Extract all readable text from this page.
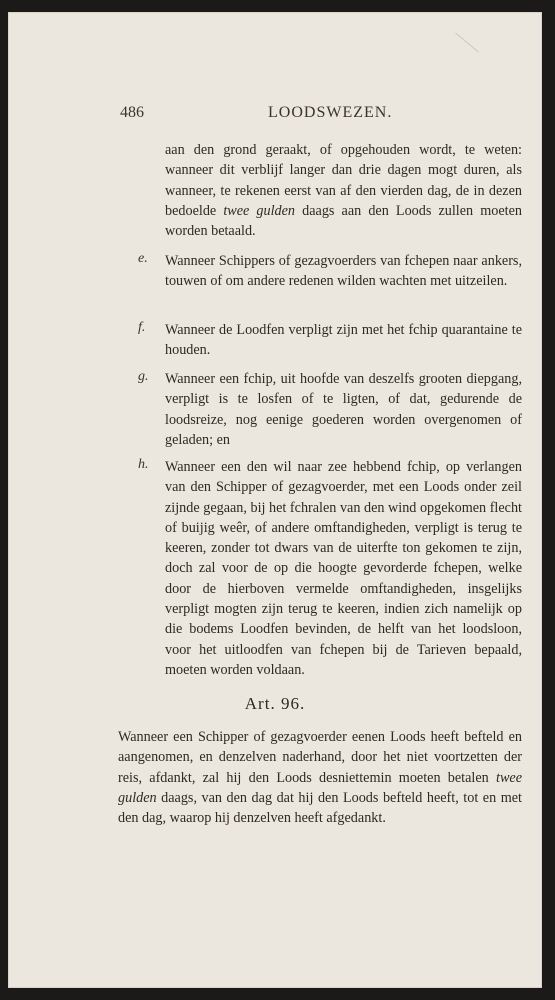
486	LOODSWEZEN.
aan den grond geraakt, of opgehouden wordt, te weten: wanneer dit verblijf langer dan drie dagen mogt duren, als wanneer, te rekenen eerst van af den vierden dag, de in dezen bedoelde twee gulden daags aan den Loods zullen moeten worden betaald.
e.	Wanneer Schippers of gezagvoerders van fchepen naar ankers, touwen of om andere redenen wilden wachten met uitzeilen.
f.	Wanneer de Loodfen verpligt zijn met het fchip quarantaine te houden.
g.	Wanneer een fchip, uit hoofde van deszelfs grooten diepgang, verpligt is te losfen of te ligten, of dat, gedurende de loodsreize, nog eenige goederen worden overgenomen of geladen; en
h.	Wanneer een den wil naar zee hebbend fchip, op verlangen van den Schipper of gezagvoerder, met een Loods onder zeil zijnde gegaan, bij het fchralen van den wind opgekomen flecht of buijig weêr, of andere omftandigheden, verpligt is terug te keeren, zonder tot dwars van de uiterfte ton gekomen te zijn, doch zal voor de op die hoogte gevorderde fchepen, welke door de hierboven vermelde omftandigheden, insgelijks verpligt mogten zijn terug te keeren, indien zich namelijk op die bodems Loodfen bevinden, de helft van het loodsloon, voor het uitloodfen van fchepen bij de Tarieven bepaald, moeten worden voldaan.
Art. 96.
Wanneer een Schipper of gezagvoerder eenen Loods heeft befteld en aangenomen, en denzelven naderhand, door het niet voortzetten der reis, afdankt, zal hij den Loods desniettemin moeten betalen twee gulden daags, van den dag dat hij den Loods befteld heeft, tot en met den dag, waarop hij denzelven heeft afgedankt.
